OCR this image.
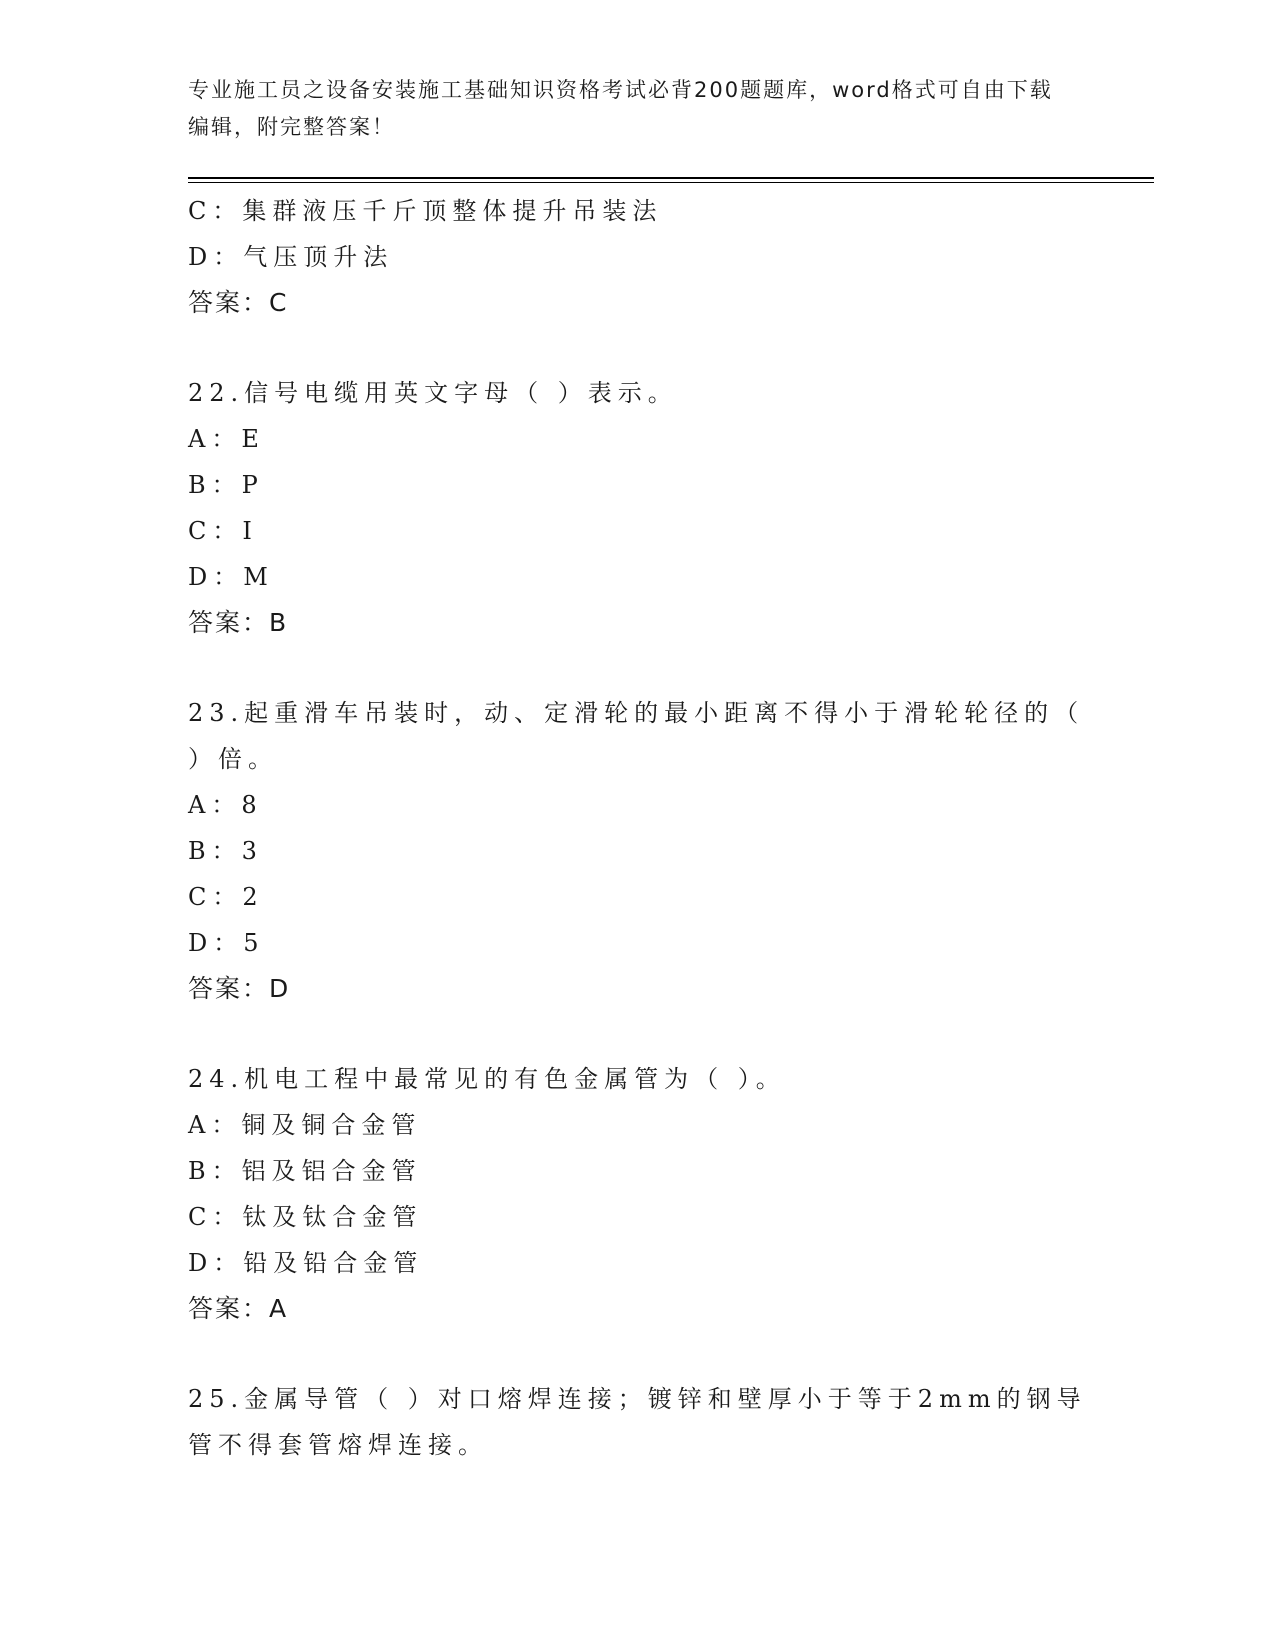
专业施工员之设备安装施工基础知识资格考试必背200题题库，word格式可自由下载编辑，附完整答案！
C：集群液压千斤顶整体提升吊装法
D：气压顶升法
答案：C
22.信号电缆用英文字母（ ）表示。
A：E
B：P
C：I
D：M
答案：B
23.起重滑车吊装时，动、定滑轮的最小距离不得小于滑轮轮径的（ ）倍。
A：8
B：3
C：2
D：5
答案：D
24.机电工程中最常见的有色金属管为（ ）。
A：铜及铜合金管
B：铝及铝合金管
C：钛及钛合金管
D：铅及铅合金管
答案：A
25.金属导管（ ）对口熔焊连接；镀锌和壁厚小于等于2mm的钢导管不得套管熔焊连接。
